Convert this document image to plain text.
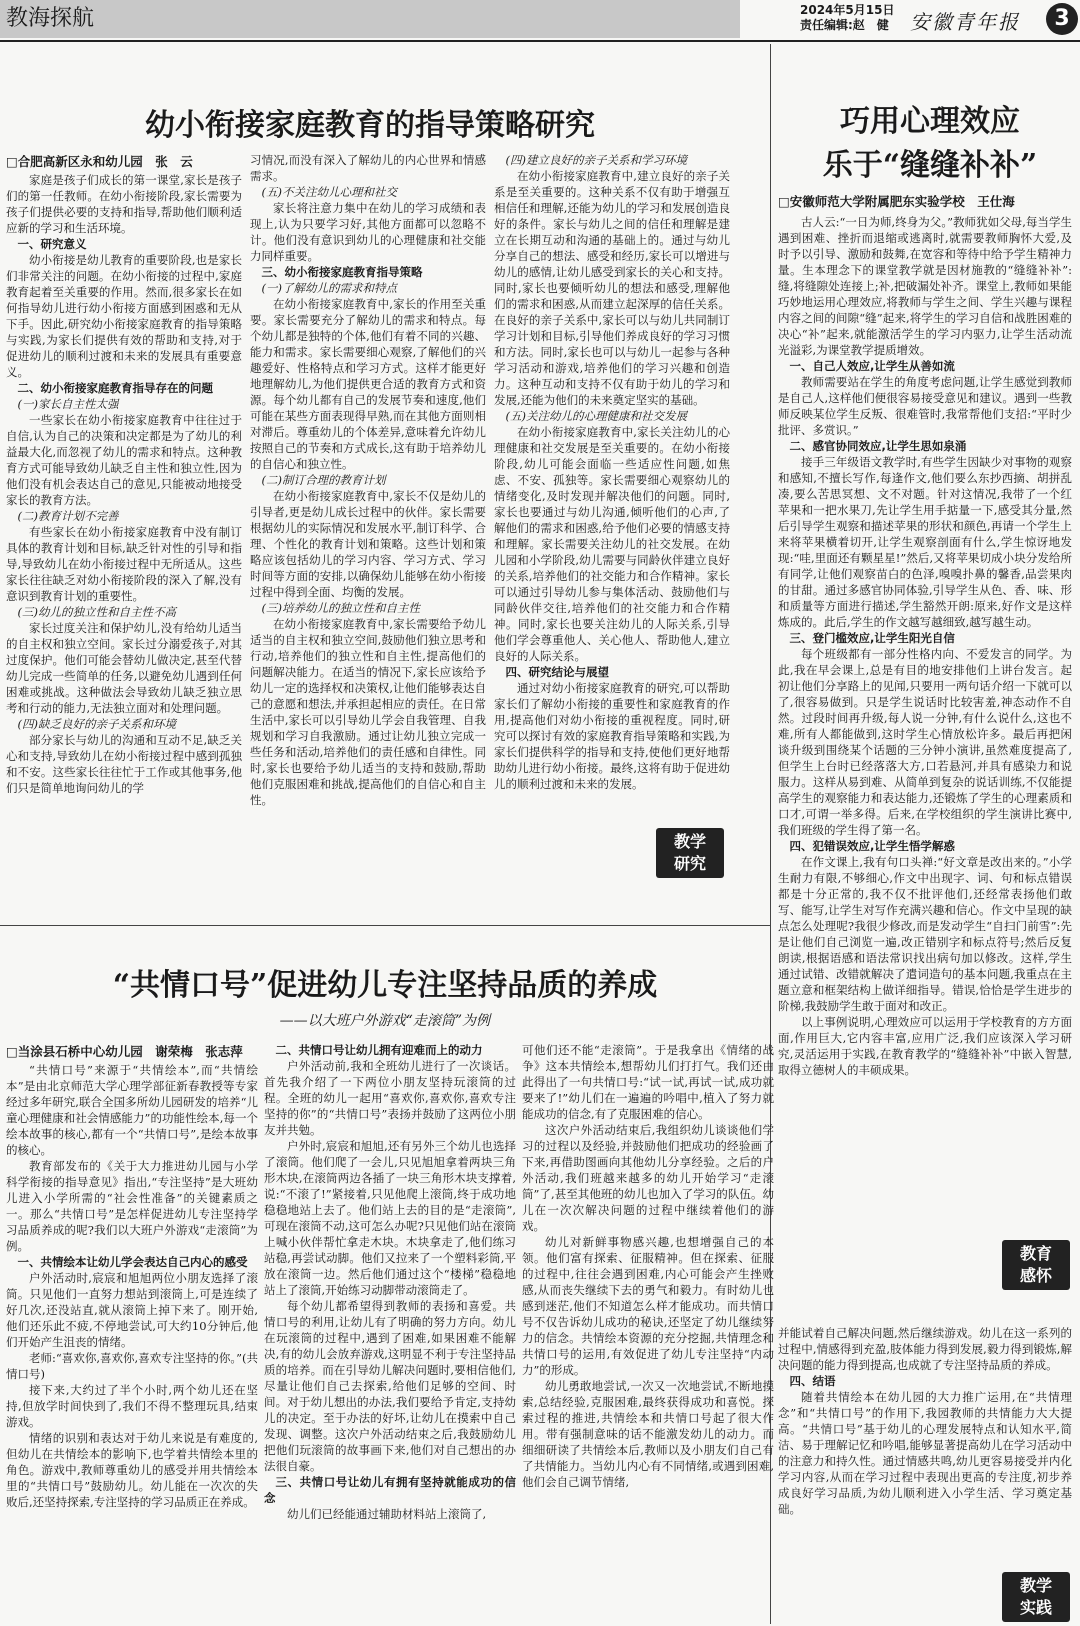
教海探航	2024年5月15日
责任编辑:赵　健 安徽青年报	3
幼小衔接家庭教育的指导策略研究
□合肥高新区永和幼儿园　张　云

家庭是孩子们成长的第一课堂,家长是孩子们的第一任教师。在幼小衔接阶段,家长需要为孩子们提供必要的支持和指导,帮助他们顺利适应新的学习和生活环境。

一、研究意义

幼小衔接是幼儿教育的重要阶段,也是家长们非常关注的问题。在幼小衔接的过程中,家庭教育起着至关重要的作用。然而,很多家长在如何指导幼儿进行幼小衔接方面感到困惑和无从下手。因此,研究幼小衔接家庭教育的指导策略与实践,为家长们提供有效的帮助和支持,对于促进幼儿的顺利过渡和未来的发展具有重要意义。

二、幼小衔接家庭教育指导存在的问题

(一)家长自主性太强

一些家长在幼小衔接家庭教育中往往过于自信,认为自己的决策和决定都是为了幼儿的利益最大化,而忽视了幼儿的需求和特点。这种教育方式可能导致幼儿缺乏自主性和独立性,因为他们没有机会表达自己的意见,只能被动地接受家长的教育方法。

(二)教育计划不完善

有些家长在幼小衔接家庭教育中没有制订具体的教育计划和目标,缺乏针对性的引导和指导,导致幼儿在幼小衔接过程中无所适从。这些家长往往缺乏对幼小衔接阶段的深入了解,没有意识到教育计划的重要性。

(三)幼儿的独立性和自主性不高

家长过度关注和保护幼儿,没有给幼儿适当的自主权和独立空间。家长过分溺爱孩子,对其过度保护。他们可能会替幼儿做决定,甚至代替幼儿完成一些简单的任务,以避免幼儿遇到任何困难或挑战。这种做法会导致幼儿缺乏独立思考和行动的能力,无法独立面对和处理问题。

(四)缺乏良好的亲子关系和环境

部分家长与幼儿的沟通和互动不足,缺乏关心和支持,导致幼儿在幼小衔接过程中感到孤独和不安。这些家长往往忙于工作或其他事务,他们只是简单地询问幼儿的学

习情况,而没有深入了解幼儿的内心世界和情感需求。

(五)不关注幼儿心理和社交

家长将注意力集中在幼儿的学习成绩和表现上,认为只要学习好,其他方面都可以忽略不计。他们没有意识到幼儿的心理健康和社交能力同样重要。

三、幼小衔接家庭教育指导策略

(一)了解幼儿的需求和特点

在幼小衔接家庭教育中,家长的作用至关重要。家长需要充分了解幼儿的需求和特点。每个幼儿都是独特的个体,他们有着不同的兴趣、能力和需求。家长需要细心观察,了解他们的兴趣爱好、性格特点和学习方式。这样才能更好地理解幼儿,为他们提供更合适的教育方式和资源。每个幼儿都有自己的发展节奏和速度,他们可能在某些方面表现得早熟,而在其他方面则相对滞后。尊重幼儿的个体差异,意味着允许幼儿按照自己的节奏和方式成长,这有助于培养幼儿的自信心和独立性。

(二)制订合理的教育计划

在幼小衔接家庭教育中,家长不仅是幼儿的引导者,更是幼儿成长过程中的伙伴。家长需要根据幼儿的实际情况和发展水平,制订科学、合理、个性化的教育计划和策略。这些计划和策略应该包括幼儿的学习内容、学习方式、学习时间等方面的安排,以确保幼儿能够在幼小衔接过程中得到全面、均衡的发展。

(三)培养幼儿的独立性和自主性

在幼小衔接家庭教育中,家长需要给予幼儿适当的自主权和独立空间,鼓励他们独立思考和行动,培养他们的独立性和自主性,提高他们的问题解决能力。在适当的情况下,家长应该给予幼儿一定的选择权和决策权,让他们能够表达自己的意愿和想法,并承担起相应的责任。在日常生活中,家长可以引导幼儿学会自我管理、自我规划和学习自我激励。通过让幼儿独立完成一些任务和活动,培养他们的责任感和自律性。同时,家长也要给予幼儿适当的支持和鼓励,帮助他们克服困难和挑战,提高他们的自信心和自主性。

(四)建立良好的亲子关系和学习环境

在幼小衔接家庭教育中,建立良好的亲子关系是至关重要的。这种关系不仅有助于增强互相信任和理解,还能为幼儿的学习和发展创造良好的条件。家长与幼儿之间的信任和理解是建立在长期互动和沟通的基础上的。通过与幼儿分享自己的想法、感受和经历,家长可以增进与幼儿的感情,让幼儿感受到家长的关心和支持。同时,家长也要倾听幼儿的想法和感受,理解他们的需求和困惑,从而建立起深厚的信任关系。在良好的亲子关系中,家长可以与幼儿共同制订学习计划和目标,引导他们养成良好的学习习惯和方法。同时,家长也可以与幼儿一起参与各种学习活动和游戏,培养他们的学习兴趣和创造力。这种互动和支持不仅有助于幼儿的学习和发展,还能为他们的未来奠定坚实的基础。

(五)关注幼儿的心理健康和社交发展

在幼小衔接家庭教育中,家长关注幼儿的心理健康和社交发展是至关重要的。在幼小衔接阶段,幼儿可能会面临一些适应性问题,如焦虑、不安、孤独等。家长需要细心观察幼儿的情绪变化,及时发现并解决他们的问题。同时,家长也要通过与幼儿沟通,倾听他们的心声,了解他们的需求和困惑,给予他们必要的情感支持和理解。家长需要关注幼儿的社交发展。在幼儿园和小学阶段,幼儿需要与同龄伙伴建立良好的关系,培养他们的社交能力和合作精神。家长可以通过引导幼儿参与集体活动、鼓励他们与同龄伙伴交往,培养他们的社交能力和合作精神。同时,家长也要关注幼儿的人际关系,引导他们学会尊重他人、关心他人、帮助他人,建立良好的人际关系。

四、研究结论与展望

通过对幼小衔接家庭教育的研究,可以帮助家长们了解幼小衔接的重要性和家庭教育的作用,提高他们对幼小衔接的重视程度。同时,研究可以探讨有效的家庭教育指导策略和实践,为家长们提供科学的指导和支持,使他们更好地帮助幼儿进行幼小衔接。最终,这将有助于促进幼儿的顺利过渡和未来的发展。

教学
研究
巧用心理效应
乐于“缝缝补补”
□安徽师范大学附属肥东实验学校　王仕海

古人云:“一日为师,终身为父。”教师犹如父母,每当学生遇到困难、挫折而退缩或逃离时,就需要教师胸怀大爱,及时予以引导、激励和鼓舞,在宽容和等待中给予学生精神力量。生本理念下的课堂教学就是因材施教的“缝缝补补”:缝,将缝隙处连接上;补,把破漏处补齐。课堂上,教师如果能巧妙地运用心理效应,将教师与学生之间、学生兴趣与课程内容之间的间隙“缝”起来,将学生的学习自信和战胜困难的决心“补”起来,就能激活学生的学习内驱力,让学生活动流光溢彩,为课堂教学提质增效。

一、自己人效应,让学生从善如流

教师需要站在学生的角度考虑问题,让学生感觉到教师是自己人,这样他们便很容易接受意见和建议。遇到一些教师反映某位学生反叛、很难管时,我常帮他们支招:“平时少批评、多赏识。”

二、感官协同效应,让学生思如泉涌

接手三年级语文教学时,有些学生因缺少对事物的观察和感知,不擅长写作,每逢作文,他们要么东抄西摘、胡拼乱凑,要么苦思冥想、文不对题。针对这情况,我带了一个红苹果和一把水果刀,先让学生用手掂量一下,感受其分量,然后引导学生观察和描述苹果的形状和颜色,再请一个学生上来将苹果横着切开,让学生观察剖面有什么,学生惊讶地发现:“哇,里面还有颗星星!”然后,又将苹果切成小块分发给所有同学,让他们观察苗白的色泽,嗅嗅扑鼻的馨香,品尝果肉的甘甜。通过多感官协同体验,引导学生从色、香、味、形和质量等方面进行描述,学生豁然开朗:原来,好作文是这样炼成的。此后,学生的作文越写越细致,越写越生动。

三、登门槛效应,让学生阳光自信

每个班级都有一部分性格内向、不爱发言的同学。为此,我在早会课上,总是有目的地安排他们上讲台发言。起初让他们分享路上的见闻,只要用一两句话介绍一下就可以了,很容易做到。只是学生说话时比较害羞,神态动作不自然。过段时间再升级,每人说一分钟,有什么说什么,这也不难,所有人都能做到,这时学生心情放松许多。最后再把闲谈升级到围绕某个话题的三分钟小演讲,虽然难度提高了,但学生上台时已经落落大方,口若悬河,并具有感染力和说服力。这样从易到难、从简单到复杂的说话训练,不仅能提高学生的观察能力和表达能力,还锻炼了学生的心理素质和口才,可谓一举多得。后来,在学校组织的学生演讲比赛中,我们班级的学生得了第一名。

四、犯错误效应,让学生悟学解惑

在作文课上,我有句口头禅:“好文章是改出来的。”小学生耐力有限,不够细心,作文中出现字、词、句和标点错误都是十分正常的,我不仅不批评他们,还经常表扬他们敢写、能写,让学生对写作充满兴趣和信心。作文中呈现的缺点怎么处理呢?我很少修改,而是发动学生“自扫门前雪”:先是让他们自己浏览一遍,改正错别字和标点符号;然后反复朗读,根据语感和语法常识找出病句加以修改。这样,学生通过试错、改错就解决了遣词造句的基本问题,我重点在主题立意和框架结构上做详细指导。错误,恰恰是学生进步的阶梯,我鼓励学生敢于面对和改正。

以上事例说明,心理效应可以运用于学校教育的方方面面,作用巨大,它内容丰富,应用广泛,我们应该深入学习研究,灵活运用于实践,在教育教学的“缝缝补补”中嵌入智慧,取得立德树人的丰硕成果。

教育
感怀
“共情口号”促进幼儿专注坚持品质的养成
——以大班户外游戏“走滚筒”为例
□当涂县石桥中心幼儿园　谢荣梅　张志萍

“共情口号”来源于“共情绘本”,而“共情绘本”是由北京师范大学心理学部征新春教授等专家经过多年研究,联合全国多所幼儿园研发的培养“儿童心理健康和社会情感能力”的功能性绘本,每一个绘本故事的核心,都有一个“共情口号”,是绘本故事的核心。

教育部发布的《关于大力推进幼儿园与小学科学衔接的指导意见》指出,“专注坚持”是大班幼儿进入小学所需的“社会性准备”的关键素质之一。那么“共情口号”是怎样促进幼儿专注坚持学习品质养成的呢?我们以大班户外游戏“走滚筒”为例。

一、共情绘本让幼儿学会表达自己内心的感受

户外活动时,宸宸和旭旭两位小朋友选择了滚筒。只见他们一直努力想站到滚筒上,可是连续了好几次,还没站直,就从滚筒上掉下来了。刚开始,他们还乐此不疲,不停地尝试,可大约10分钟后,他们开始产生沮丧的情绪。

老师:“喜欢你,喜欢你,喜欢专注坚持的你。”(共情口号)

接下来,大约过了半个小时,两个幼儿还在坚持,但放学时间快到了,我们不得不整理玩具,结束游戏。

情绪的识别和表达对于幼儿来说是有难度的,但幼儿在共情绘本的影响下,也学着共情绘本里的角色。游戏中,教师尊重幼儿的感受并用共情绘本里的“共情口号”鼓励幼儿。幼儿能在一次次的失败后,还坚持探索,专注坚持的学习品质正在养成。

二、共情口号让幼儿拥有迎难而上的动力

户外活动前,我和全班幼儿进行了一次谈话。首先我介绍了一下两位小朋友坚持玩滚筒的过程。全班的幼儿一起用“喜欢你,喜欢你,喜欢专注坚持的你”的“共情口号”表扬并鼓励了这两位小朋友并共勉。

户外时,宸宸和旭旭,还有另外三个幼儿也选择了滚筒。他们爬了一会儿,只见旭旭拿着两块三角形木块,在滚筒两边各插了一块三角形木块支撑着,说:“不滚了!”紧接着,只见他爬上滚筒,终于成功地稳稳地站上去了。他们站上去的目的是“走滚筒”,可现在滚筒不动,这可怎么办呢?只见他们站在滚筒上喊小伙伴帮忙拿走木块。木块拿走了,他们练习站稳,再尝试动脚。他们又拉来了一个塑料彩筒,平放在滚筒一边。然后他们通过这个“楼梯”稳稳地站上了滚筒,开始练习动脚带动滚筒走了。

每个幼儿都希望得到教师的表扬和喜爱。共情口号的利用,让幼儿有了明确的努力方向。幼儿在玩滚筒的过程中,遇到了困难,如果困难不能解决,有的幼儿会放弃游戏,这明显不利于专注坚持品质的培养。而在引导幼儿解决问题时,要相信他们,尽量让他们自己去探索,给他们足够的空间、时间。对于幼儿想出的办法,我们要给予肯定,支持幼儿的决定。至于办法的好坏,让幼儿在摸索中自己发现、调整。这次户外活动结束之后,我鼓励幼儿把他们玩滚筒的故事画下来,他们对自己想出的办法很自豪。

三、共情口号让幼儿有拥有坚持就能成功的信念

幼儿们已经能通过辅助材料站上滚筒了,

可他们还不能“走滚筒”。于是我拿出《情绪的战争》这本共情绘本,想帮幼儿们打打气。我们还由此得出了一句共情口号:“试一试,再试一试,成功就要来了!”幼儿们在一遍遍的吟唱中,植入了努力就能成功的信念,有了克服困难的信心。

这次户外活动结束后,我组织幼儿谈谈他们学习的过程以及经验,并鼓励他们把成功的经验画了下来,再借助图画向其他幼儿分享经验。之后的户外活动,我们班越来越多的幼儿开始学习“走滚筒”了,甚至其他班的幼儿也加入了学习的队伍。幼儿在一次次解决问题的过程中继续着他们的游戏。

幼儿对新鲜事物感兴趣,也想增强自己的本领。他们富有探索、征服精神。但在探索、征服的过程中,往往会遇到困难,内心可能会产生挫败感,从而丧失继续下去的勇气和毅力。有时幼儿也感到迷茫,他们不知道怎么样才能成功。而共情口号不仅告诉幼儿成功的秘诀,还坚定了幼儿继续努力的信念。共情绘本资源的充分挖掘,共情理念和共情口号的运用,有效促进了幼儿专注坚持“内动力”的形成。

幼儿勇敢地尝试,一次又一次地尝试,不断地摸索,总结经验,克服困难,最终获得成功和喜悦。探索过程的推进,共情绘本和共情口号起了很大作用。带有强制意味的话不能激发幼儿的动力。而细细研读了共情绘本后,教师以及小朋友们自己有了共情能力。当幼儿内心有不同情绪,或遇到困难,他们会自己调节情绪,

并能试着自己解决问题,然后继续游戏。幼儿在这一系列的过程中,情感得到充盈,肢体能力得到发展,毅力得到锻炼,解决问题的能力得到提高,也成就了专注坚持品质的养成。

四、结语

随着共情绘本在幼儿园的大力推广运用,在“共情理念”和“共情口号”的作用下,我园教师的共情能力大大提高。“共情口号”基于幼儿的心理发展特点和认知水平,简洁、易于理解记忆和吟唱,能够显著提高幼儿在学习活动中的注意力和持久性。通过情感共鸣,幼儿更容易接受并内化学习内容,从而在学习过程中表现出更高的专注度,初步养成良好学习品质,为幼儿顺利进入小学生活、学习奠定基础。

教学
实践
